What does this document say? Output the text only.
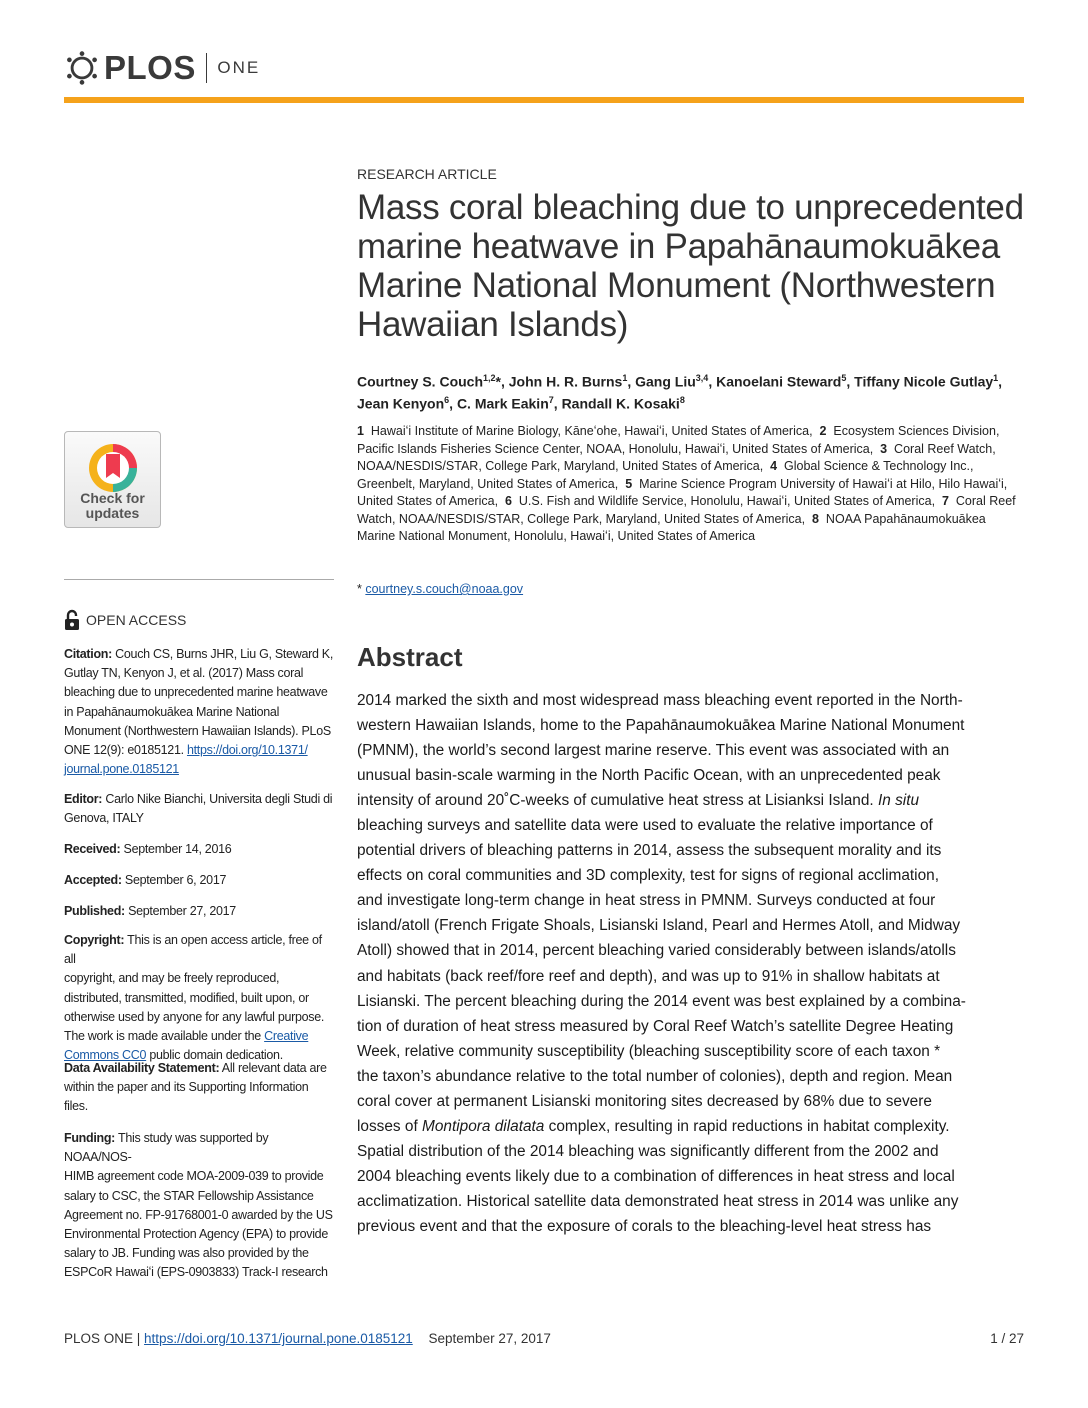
PLOS ONE
RESEARCH ARTICLE
Mass coral bleaching due to unprecedented marine heatwave in Papahānaumokuākea Marine National Monument (Northwestern Hawaiian Islands)
Courtney S. Couch$^{1,2}$*, John H. R. Burns$^1$, Gang Liu$^{3,4}$, Kanoelani Steward$^5$, Tiffany Nicole Gutlay$^1$, Jean Kenyon$^6$, C. Mark Eakin$^7$, Randall K. Kosaki$^8$
1  Hawaiʻi Institute of Marine Biology, Kāneʻohe, Hawaiʻi, United States of America,  2  Ecosystem Sciences Division, Pacific Islands Fisheries Science Center, NOAA, Honolulu, Hawaiʻi, United States of America,  3  Coral Reef Watch, NOAA/NESDIS/STAR, College Park, Maryland, United States of America,  4  Global Science & Technology Inc., Greenbelt, Maryland, United States of America,  5  Marine Science Program University of Hawaiʻi at Hilo, Hilo Hawaiʻi, United States of America,  6  U.S. Fish and Wildlife Service, Honolulu, Hawaiʻi, United States of America,  7  Coral Reef Watch, NOAA/NESDIS/STAR, College Park, Maryland, United States of America,  8  NOAA Papahānaumokuākea Marine National Monument, Honolulu, Hawaiʻi, United States of America
* courtney.s.couch@noaa.gov
Abstract
2014 marked the sixth and most widespread mass bleaching event reported in the North-
western Hawaiian Islands, home to the Papahānaumokuākea Marine National Monument
(PMNM), the world’s second largest marine reserve. This event was associated with an
unusual basin-scale warming in the North Pacific Ocean, with an unprecedented peak
intensity of around 20˚C-weeks of cumulative heat stress at Lisianksi Island. In situ
bleaching surveys and satellite data were used to evaluate the relative importance of
potential drivers of bleaching patterns in 2014, assess the subsequent morality and its
effects on coral communities and 3D complexity, test for signs of regional acclimation,
and investigate long-term change in heat stress in PMNM. Surveys conducted at four
island/atoll (French Frigate Shoals, Lisianski Island, Pearl and Hermes Atoll, and Midway
Atoll) showed that in 2014, percent bleaching varied considerably between islands/atolls
and habitats (back reef/fore reef and depth), and was up to 91% in shallow habitats at
Lisianski. The percent bleaching during the 2014 event was best explained by a combina-
tion of duration of heat stress measured by Coral Reef Watch’s satellite Degree Heating
Week, relative community susceptibility (bleaching susceptibility score of each taxon *
the taxon’s abundance relative to the total number of colonies), depth and region. Mean
coral cover at permanent Lisianski monitoring sites decreased by 68% due to severe
losses of Montipora dilatata complex, resulting in rapid reductions in habitat complexity.
Spatial distribution of the 2014 bleaching was significantly different from the 2002 and
2004 bleaching events likely due to a combination of differences in heat stress and local
acclimatization. Historical satellite data demonstrated heat stress in 2014 was unlike any
previous event and that the exposure of corals to the bleaching-level heat stress has
Check for
updates
OPEN ACCESS
Citation: Couch CS, Burns JHR, Liu G, Steward K,
Gutlay TN, Kenyon J, et al. (2017) Mass coral
bleaching due to unprecedented marine heatwave
in Papahānaumokuākea Marine National
Monument (Northwestern Hawaiian Islands). PLoS
ONE 12(9): e0185121. https://doi.org/10.1371/
journal.pone.0185121
Editor: Carlo Nike Bianchi, Universita degli Studi di
Genova, ITALY
Received: September 14, 2016
Accepted: September 6, 2017
Published: September 27, 2017
Copyright: This is an open access article, free of all
copyright, and may be freely reproduced,
distributed, transmitted, modified, built upon, or
otherwise used by anyone for any lawful purpose.
The work is made available under the Creative
Commons CC0 public domain dedication.
Data Availability Statement: All relevant data are
within the paper and its Supporting Information
files.
Funding: This study was supported by NOAA/NOS-
HIMB agreement code MOA-2009-039 to provide
salary to CSC, the STAR Fellowship Assistance
Agreement no. FP-91768001-0 awarded by the US
Environmental Protection Agency (EPA) to provide
salary to JB. Funding was also provided by the
ESPCoR Hawaiʻi (EPS-0903833) Track-I research
PLOS ONE | https://doi.org/10.1371/journal.pone.0185121 September 27, 2017	1 / 27
